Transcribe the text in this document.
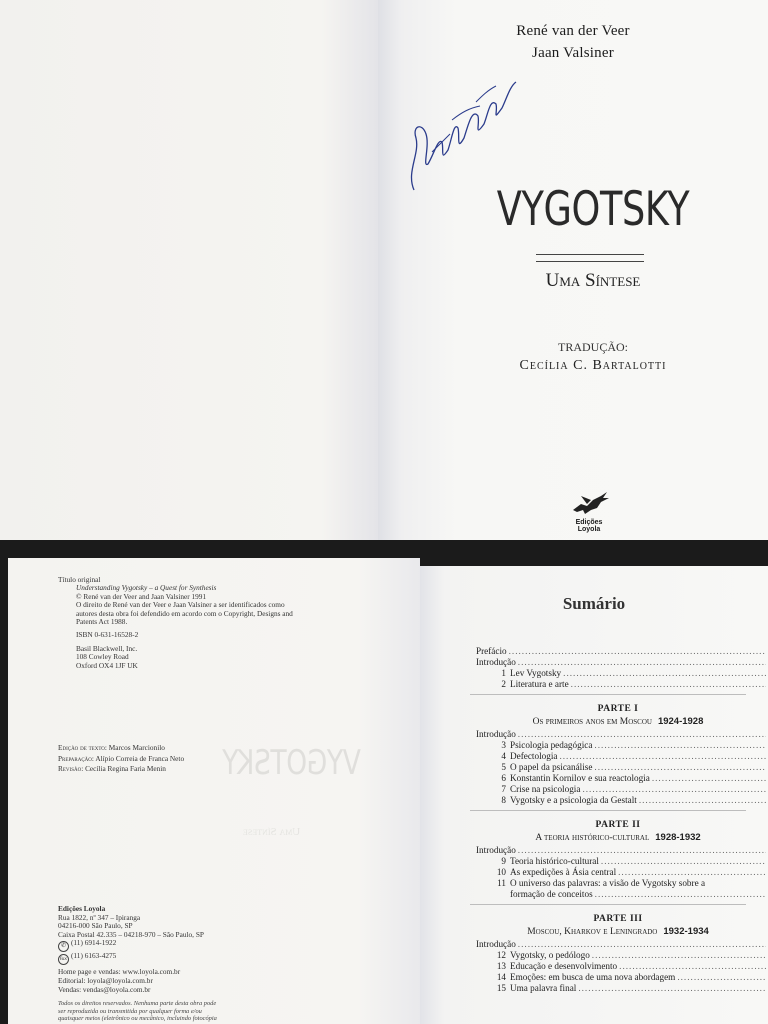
René van der Veer
Jaan Valsiner
VYGOTSKY
Uma Síntese
TRADUÇÃO:
Cecília C. Bartalotti
Edições Loyola
Título original
Understanding Vygotsky – a Quest for Synthesis
© René van der Veer and Jaan Valsiner 1991
O direito de René van der Veer e Jaan Valsiner a ser identificados como
autores desta obra foi defendido em acordo com o Copyright, Designs and
Patents Act 1988.
ISBN 0-631-16528-2
Basil Blackwell, Inc.
108 Cowley Road
Oxford OX4 1JF UK
VYGOTSKY
Uma Síntese
Edição de texto: Marcos Marcionilo
Preparação: Alípio Correia de Franca Neto
Revisão: Cecília Regina Faria Menin
Edições Loyola
Rua 1822, nº 347 – Ipiranga
04216-000 São Paulo, SP
Caixa Postal 42.335 – 04218-970 – São Paulo, SP
✆ (11) 6914-1922
℻ (11) 6163-4275
Home page e vendas: www.loyola.com.br
Editorial: loyola@loyola.com.br
Vendas: vendas@loyola.com.br
Todos os direitos reservados. Nenhuma parte desta obra pode
ser reproduzida ou transmitida por qualquer forma e/ou
quaisquer meios (eletrônico ou mecânico, incluindo fotocópia
Sumário
Prefácio
.....
Introdução
.....
1 Lev Vygotsky
.....
2 Literatura e arte
.....
PARTE I
Os primeiros anos em Moscou 1924-1928
Introdução
.....
3 Psicologia pedagógica
.....
4 Defectologia
.....
5 O papel da psicanálise
.....
6 Konstantin Kornilov e sua reactologia
.....
7 Crise na psicologia
.....
8 Vygotsky e a psicologia da Gestalt
.....
PARTE II
A teoria histórico-cultural 1928-1932
Introdução
.....
9 Teoria histórico-cultural
.....
10 As expedições à Ásia central
.....
11 O universo das palavras: a visão de Vygotsky sobre a
formação de conceitos
.....
PARTE III
Moscou, Kharkov e Leningrado 1932-1934
Introdução
.....
12 Vygotsky, o pedólogo
.....
13 Educação e desenvolvimento
.....
14 Emoções: em busca de uma nova abordagem
.....
15 Uma palavra final
.....
